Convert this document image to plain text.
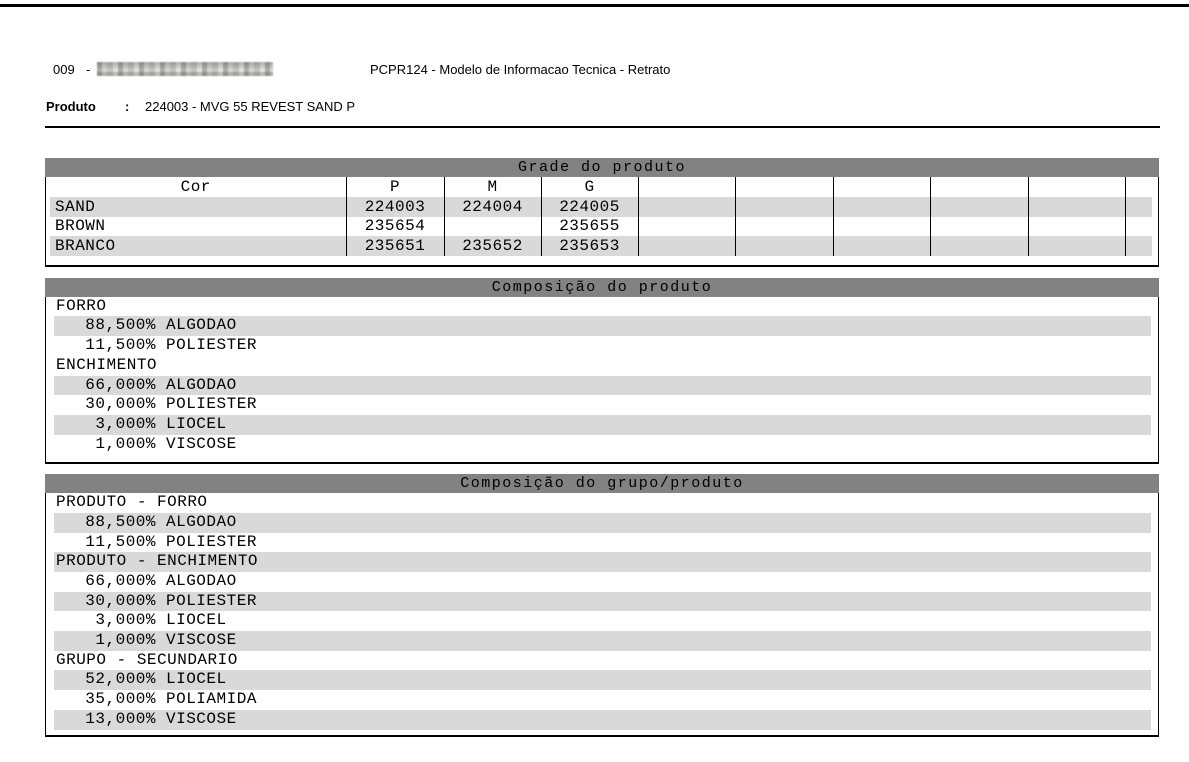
009 -	PCPR124 - Modelo de Informacao Tecnica - Retrato
Produto : 224003 - MVG 55 REVEST SAND P
Grade do produto
Cor	P	M	G						
SAND	224003	224004	224005						
BROWN	235654		235655						
BRANCO	235651	235652	235653						
Composição do produto
FORRO
88,500% ALGODAO
11,500% POLIESTER
ENCHIMENTO
66,000% ALGODAO
30,000% POLIESTER
3,000% LIOCEL
1,000% VISCOSE
Composição do grupo/produto
PRODUTO - FORRO
88,500% ALGODAO
11,500% POLIESTER
PRODUTO - ENCHIMENTO
66,000% ALGODAO
30,000% POLIESTER
3,000% LIOCEL
1,000% VISCOSE
GRUPO - SECUNDARIO
52,000% LIOCEL
35,000% POLIAMIDA
13,000% VISCOSE
